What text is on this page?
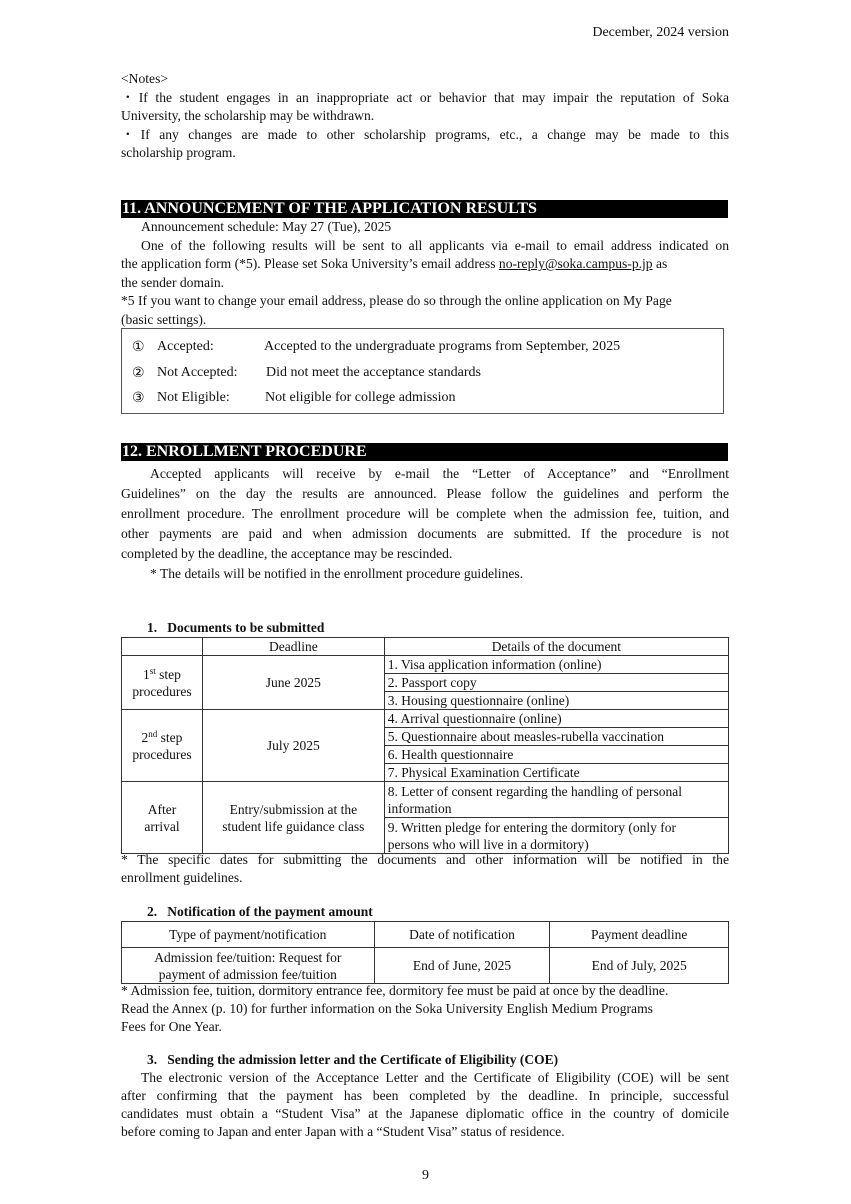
December, 2024 version
<Notes>
・If the student engages in an inappropriate act or behavior that may impair the reputation of Soka
University, the scholarship may be withdrawn.
・If any changes are made to other scholarship programs, etc., a change may be made to this
scholarship program.
11. ANNOUNCEMENT OF THE APPLICATION RESULTS
Announcement schedule: May 27 (Tue), 2025
One of the following results will be sent to all applicants via e-mail to email address indicated on
the application form (*5). Please set Soka University’s email address no-reply@soka.campus-p.jp as
the sender domain.
*5 If you want to change your email address, please do so through the online application on My Page
(basic settings).
① Accepted:	Accepted to the undergraduate programs from September, 2025
② Not Accepted: Did not meet the acceptance standards
③ Not Eligible:	Not eligible for college admission
12. ENROLLMENT PROCEDURE
Accepted applicants will receive by e-mail the “Letter of Acceptance” and “Enrollment
Guidelines” on the day the results are announced. Please follow the guidelines and perform the
enrollment procedure. The enrollment procedure will be complete when the admission fee, tuition, and
other payments are paid and when admission documents are submitted. If the procedure is not
completed by the deadline, the acceptance may be rescinded.
* The details will be notified in the enrollment procedure guidelines.
1.   Documents to be submitted
	Deadline	Details of the document
1st step
procedures	June 2025	1. Visa application information (online)
		2. Passport copy
		3. Housing questionnaire (online)
2nd step
procedures	July 2025	4. Arrival questionnaire (online)
		5. Questionnaire about measles-rubella vaccination
		6. Health questionnaire
		7. Physical Examination Certificate
After
arrival	Entry/submission at the
student life guidance class	8. Letter of consent regarding the handling of personal
information
		9. Written pledge for entering the dormitory (only for
persons who will live in a dormitory)
* The specific dates for submitting the documents and other information will be notified in the
enrollment guidelines.
2.   Notification of the payment amount
Type of payment/notification	Date of notification	Payment deadline
Admission fee/tuition: Request for
payment of admission fee/tuition	End of June, 2025	End of July, 2025
* Admission fee, tuition, dormitory entrance fee, dormitory fee must be paid at once by the deadline.
Read the Annex (p. 10) for further information on the Soka University English Medium Programs
Fees for One Year.
3.   Sending the admission letter and the Certificate of Eligibility (COE)
The electronic version of the Acceptance Letter and the Certificate of Eligibility (COE) will be sent
after confirming that the payment has been completed by the deadline. In principle, successful
candidates must obtain a “Student Visa” at the Japanese diplomatic office in the country of domicile
before coming to Japan and enter Japan with a “Student Visa” status of residence.
9
